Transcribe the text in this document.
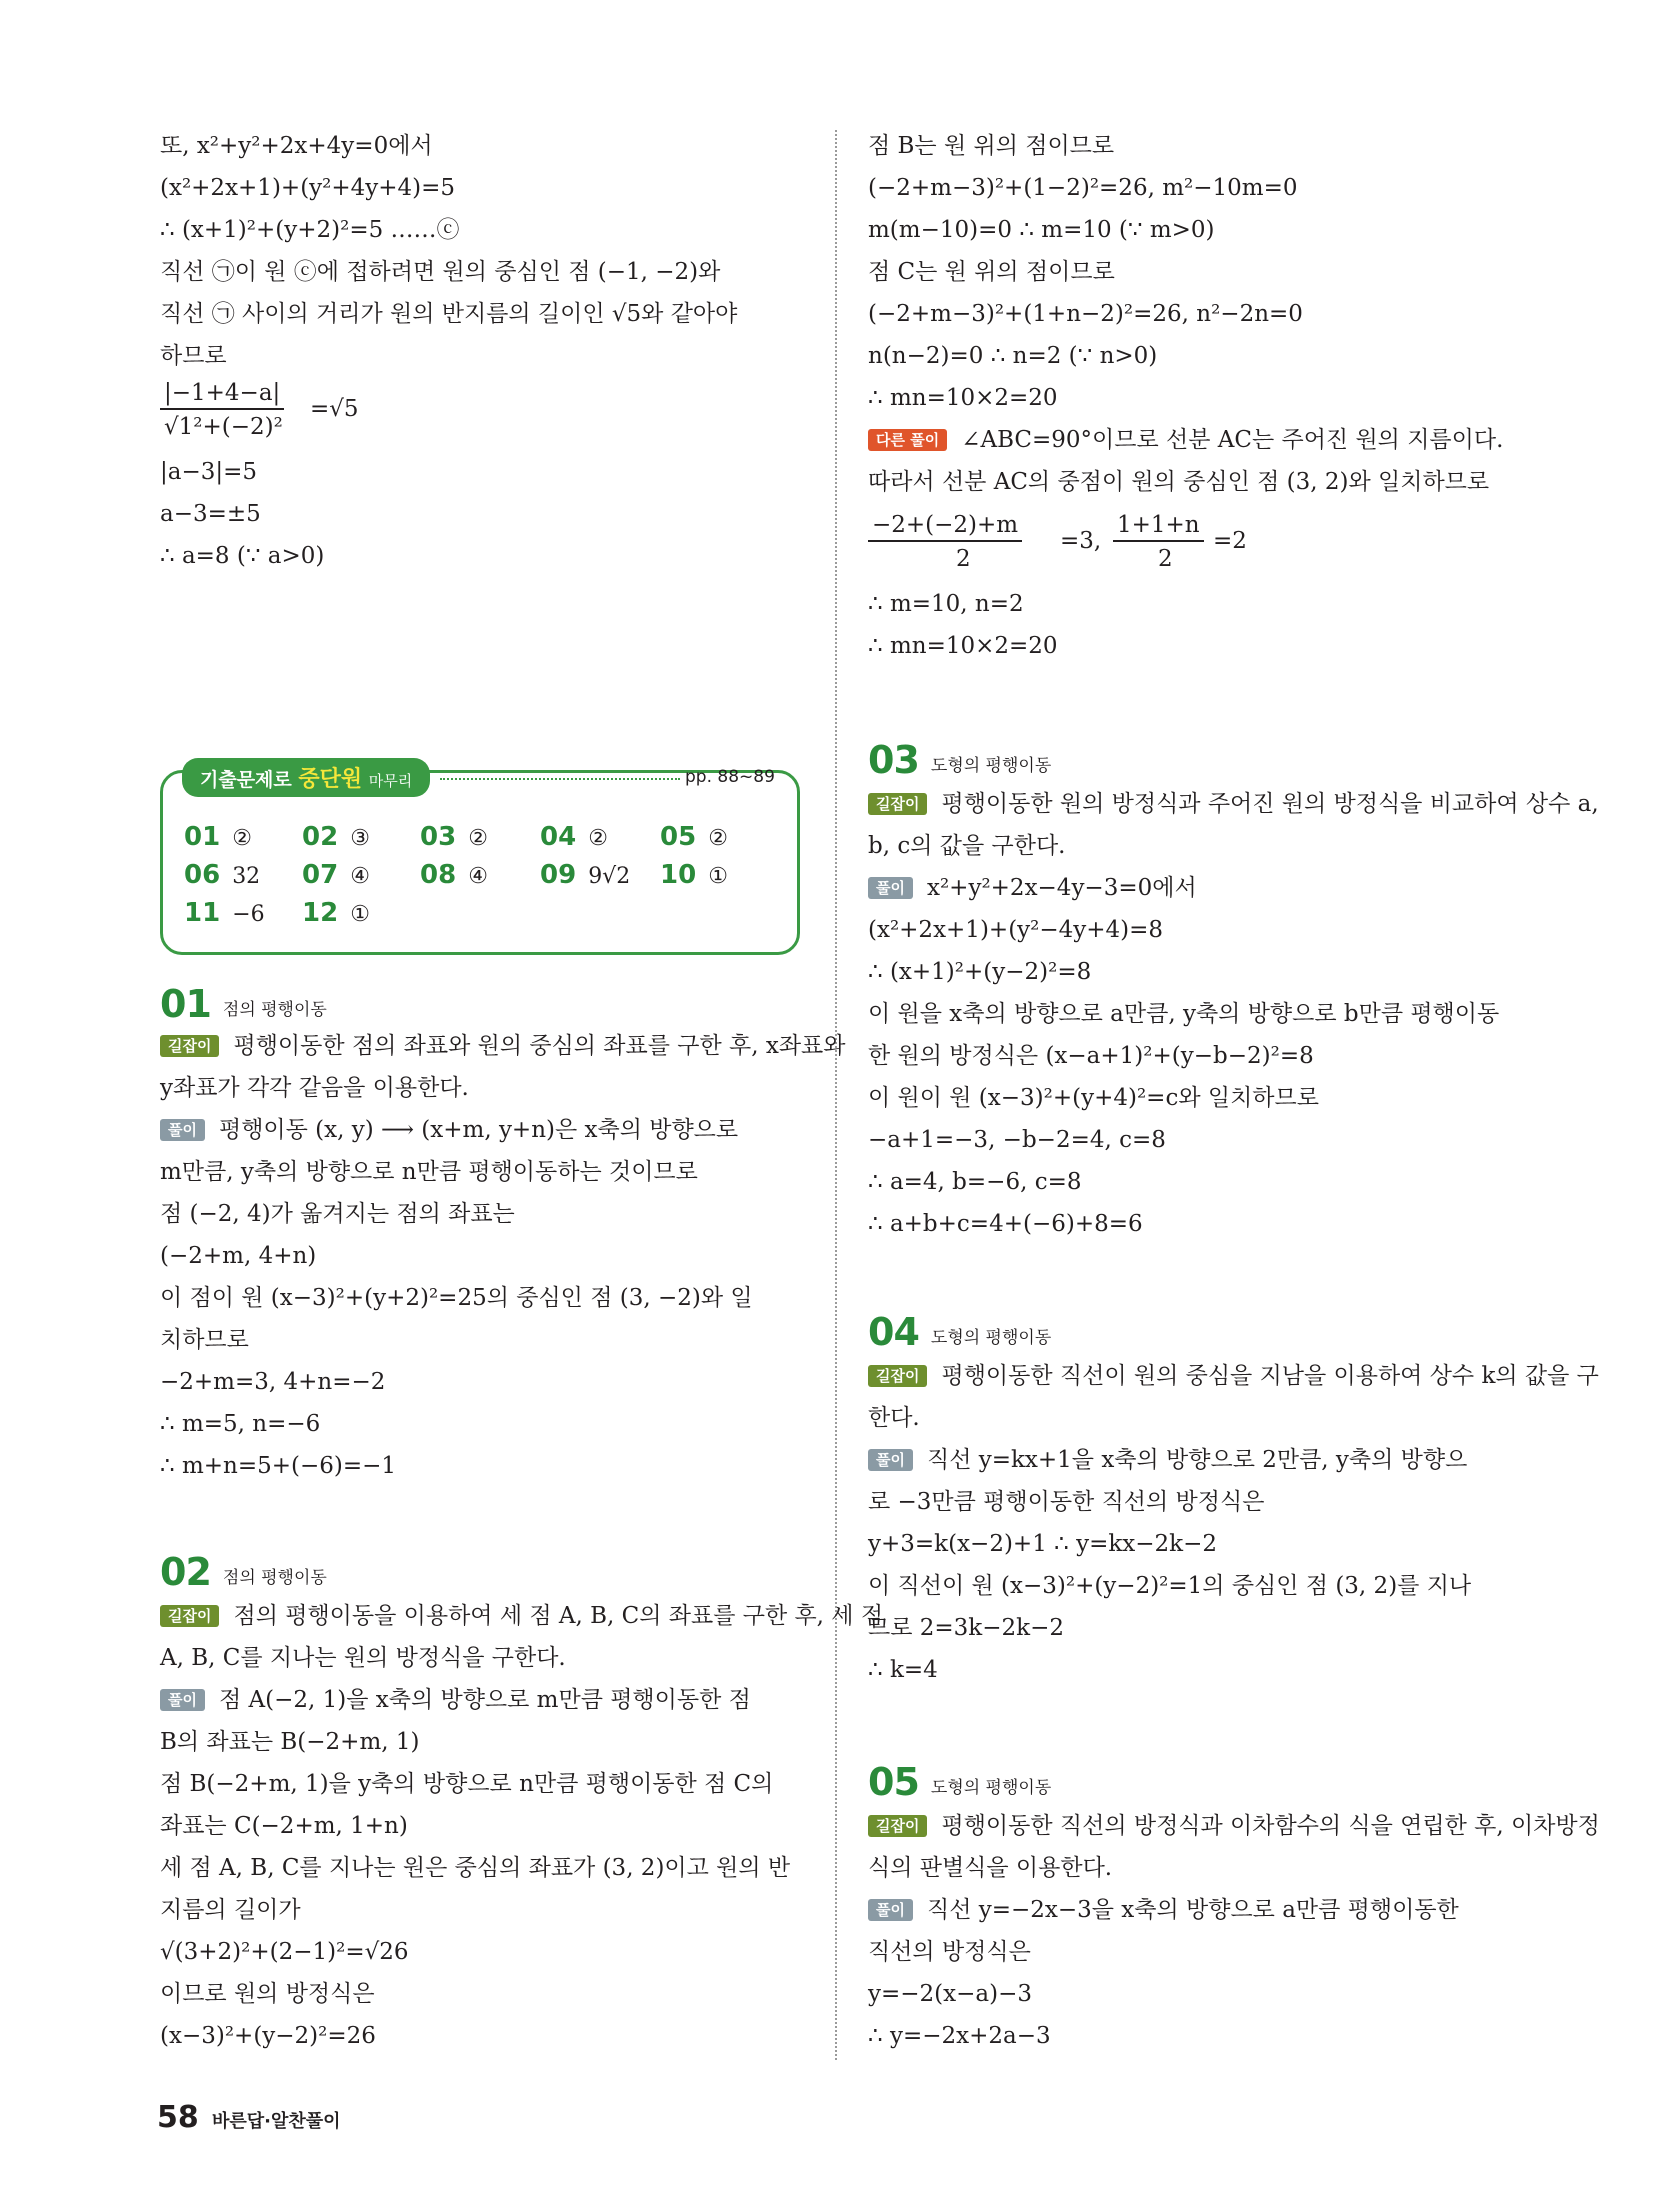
또, x²+y²+2x+4y=0에서
(x²+2x+1)+(y²+4y+4)=5
∴ (x+1)²+(y+2)²=5 ……ⓒ
직선 ㉠이 원 ⓒ에 접하려면 원의 중심인 점 (−1, −2)와
직선 ㉠ 사이의 거리가 원의 반지름의 길이인 √5와 같아야
하므로
|−1+4−a|
√1²+(−2)²
=√5
|a−3|=5
a−3=±5
∴ a=8 (∵ a>0)
기출문제로 중단원 마무리	pp. 88~89
01 ② 02 ③ 03 ② 04 ② 05 ②
06 32 07 ④ 08 ④ 09 9√2 10 ①
11 −6 12 ①
01 점의 평행이동
길잡이 평행이동한 점의 좌표와 원의 중심의 좌표를 구한 후, x좌표와
y좌표가 각각 같음을 이용한다.
풀이 평행이동 (x, y) ⟶ (x+m, y+n)은 x축의 방향으로
m만큼, y축의 방향으로 n만큼 평행이동하는 것이므로
점 (−2, 4)가 옮겨지는 점의 좌표는
(−2+m, 4+n)
이 점이 원 (x−3)²+(y+2)²=25의 중심인 점 (3, −2)와 일
치하므로
−2+m=3, 4+n=−2
∴ m=5, n=−6
∴ m+n=5+(−6)=−1
02 점의 평행이동
길잡이 점의 평행이동을 이용하여 세 점 A, B, C의 좌표를 구한 후, 세 점
A, B, C를 지나는 원의 방정식을 구한다.
풀이 점 A(−2, 1)을 x축의 방향으로 m만큼 평행이동한 점
B의 좌표는 B(−2+m, 1)
점 B(−2+m, 1)을 y축의 방향으로 n만큼 평행이동한 점 C의
좌표는 C(−2+m, 1+n)
세 점 A, B, C를 지나는 원은 중심의 좌표가 (3, 2)이고 원의 반
지름의 길이가
√(3+2)²+(2−1)²=√26
이므로 원의 방정식은
(x−3)²+(y−2)²=26
점 B는 원 위의 점이므로
(−2+m−3)²+(1−2)²=26, m²−10m=0
m(m−10)=0 ∴ m=10 (∵ m>0)
점 C는 원 위의 점이므로
(−2+m−3)²+(1+n−2)²=26, n²−2n=0
n(n−2)=0 ∴ n=2 (∵ n>0)
∴ mn=10×2=20
다른 풀이 ∠ABC=90°이므로 선분 AC는 주어진 원의 지름이다.
따라서 선분 AC의 중점이 원의 중심인 점 (3, 2)와 일치하므로
−2+(−2)+m
2
=3,
1+1+n
2
=2
∴ m=10, n=2
∴ mn=10×2=20
03 도형의 평행이동
길잡이 평행이동한 원의 방정식과 주어진 원의 방정식을 비교하여 상수 a,
b, c의 값을 구한다.
풀이 x²+y²+2x−4y−3=0에서
(x²+2x+1)+(y²−4y+4)=8
∴ (x+1)²+(y−2)²=8
이 원을 x축의 방향으로 a만큼, y축의 방향으로 b만큼 평행이동
한 원의 방정식은 (x−a+1)²+(y−b−2)²=8
이 원이 원 (x−3)²+(y+4)²=c와 일치하므로
−a+1=−3, −b−2=4, c=8
∴ a=4, b=−6, c=8
∴ a+b+c=4+(−6)+8=6
04 도형의 평행이동
길잡이 평행이동한 직선이 원의 중심을 지남을 이용하여 상수 k의 값을 구
한다.
풀이 직선 y=kx+1을 x축의 방향으로 2만큼, y축의 방향으
로 −3만큼 평행이동한 직선의 방정식은
y+3=k(x−2)+1 ∴ y=kx−2k−2
이 직선이 원 (x−3)²+(y−2)²=1의 중심인 점 (3, 2)를 지나
므로 2=3k−2k−2
∴ k=4
05 도형의 평행이동
길잡이 평행이동한 직선의 방정식과 이차함수의 식을 연립한 후, 이차방정
식의 판별식을 이용한다.
풀이 직선 y=−2x−3을 x축의 방향으로 a만큼 평행이동한
직선의 방정식은
y=−2(x−a)−3
∴ y=−2x+2a−3
58 바른답·알찬풀이
